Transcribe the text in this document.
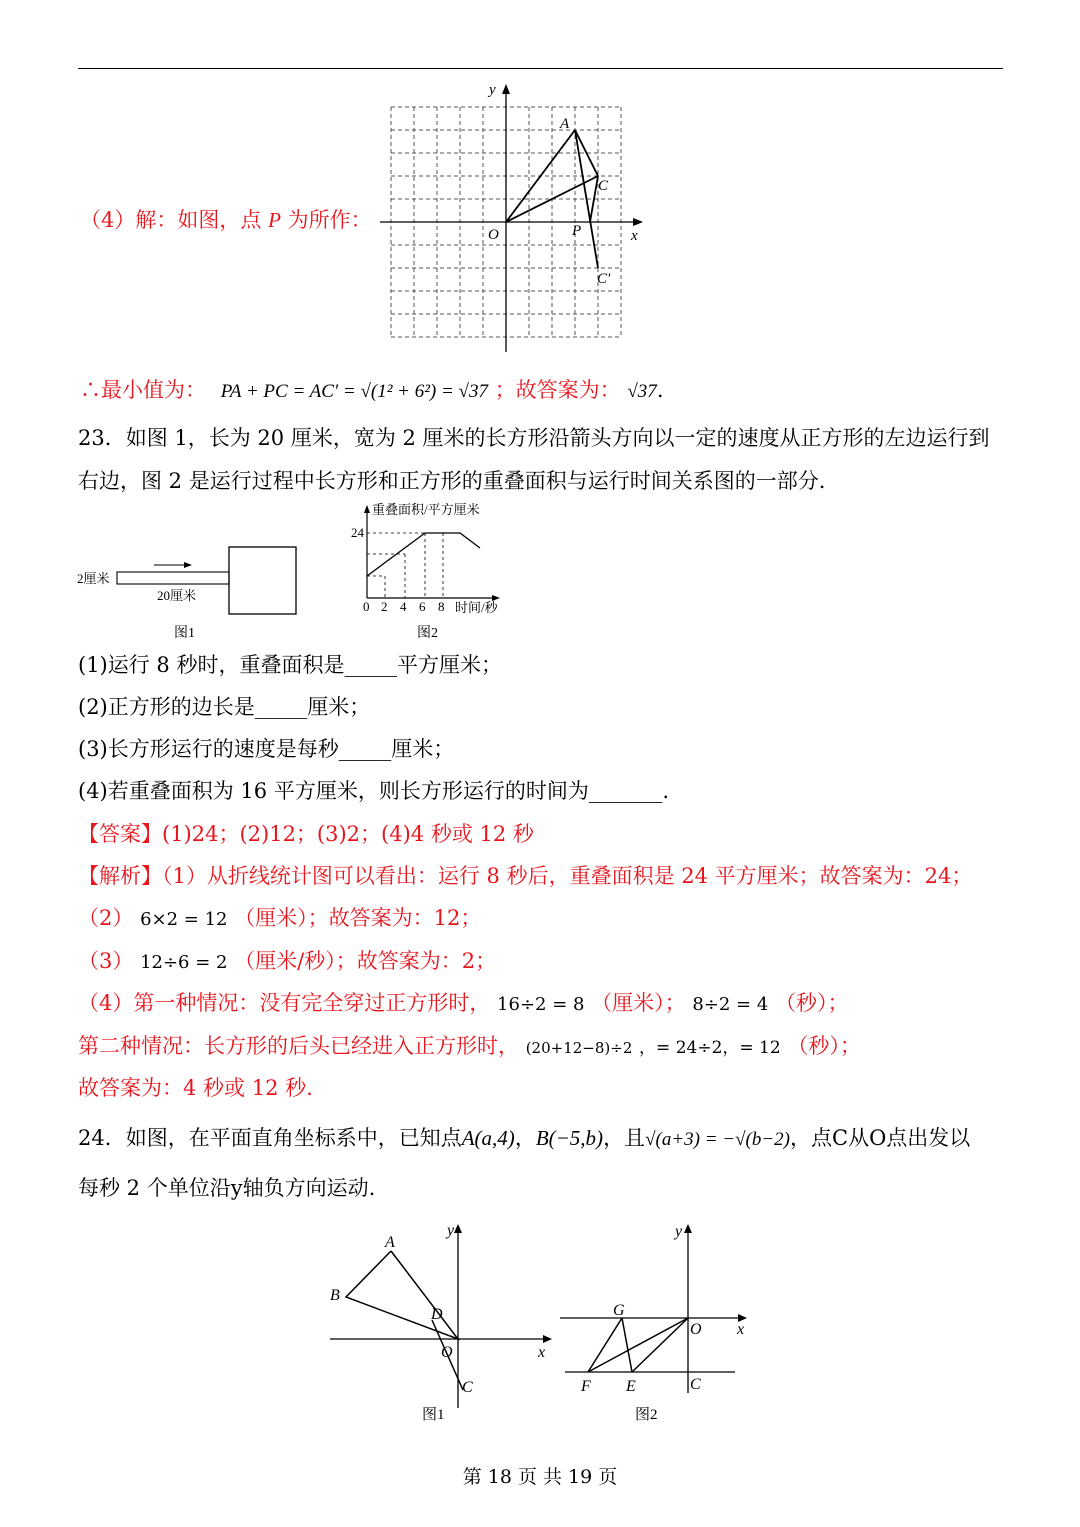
（4）解：如图，点 P 为所作：
y
x
O
A
C
P
C′
∴最小值为： PA + PC = AC′ = √(1² + 6²) = √37 ；故答案为： √37.
23．如图 1，长为 20 厘米，宽为 2 厘米的长方形沿箭头方向以一定的速度从正方形的左边运行到
右边，图 2 是运行过程中长方形和正方形的重叠面积与运行时间关系图的一部分.
2厘米
20厘米
图1
重叠面积/平方厘米
24
0 2 4 6 8 时间/秒
图2
(1)运行 8 秒时，重叠面积是_____平方厘米；
(2)正方形的边长是_____厘米；
(3)长方形运行的速度是每秒_____厘米；
(4)若重叠面积为 16 平方厘米，则长方形运行的时间为_______.
【答案】(1)24；(2)12；(3)2；(4)4 秒或 12 秒
【解析】（1）从折线统计图可以看出：运行 8 秒后，重叠面积是 24 平方厘米；故答案为：24；
（2） 6×2 = 12 （厘米）；故答案为：12；
（3） 12÷6 = 2 （厘米/秒）；故答案为：2；
（4）第一种情况：没有完全穿过正方形时， 16÷2 = 8 （厘米）； 8÷2 = 4 （秒）；
第二种情况：长方形的后头已经进入正方形时， (20+12−8)÷2 ，= 24÷2，= 12 （秒）；
故答案为：4 秒或 12 秒.
24．如图，在平面直角坐标系中，已知点A(a,4)，B(−5,b)，且√(a+3) = −√(b−2)，点C从O点出发以
每秒 2 个单位沿y轴负方向运动.
A
B
D
O
C
x
y
图1
G
O x
y
F E	C
图2
第 18 页 共 19 页
